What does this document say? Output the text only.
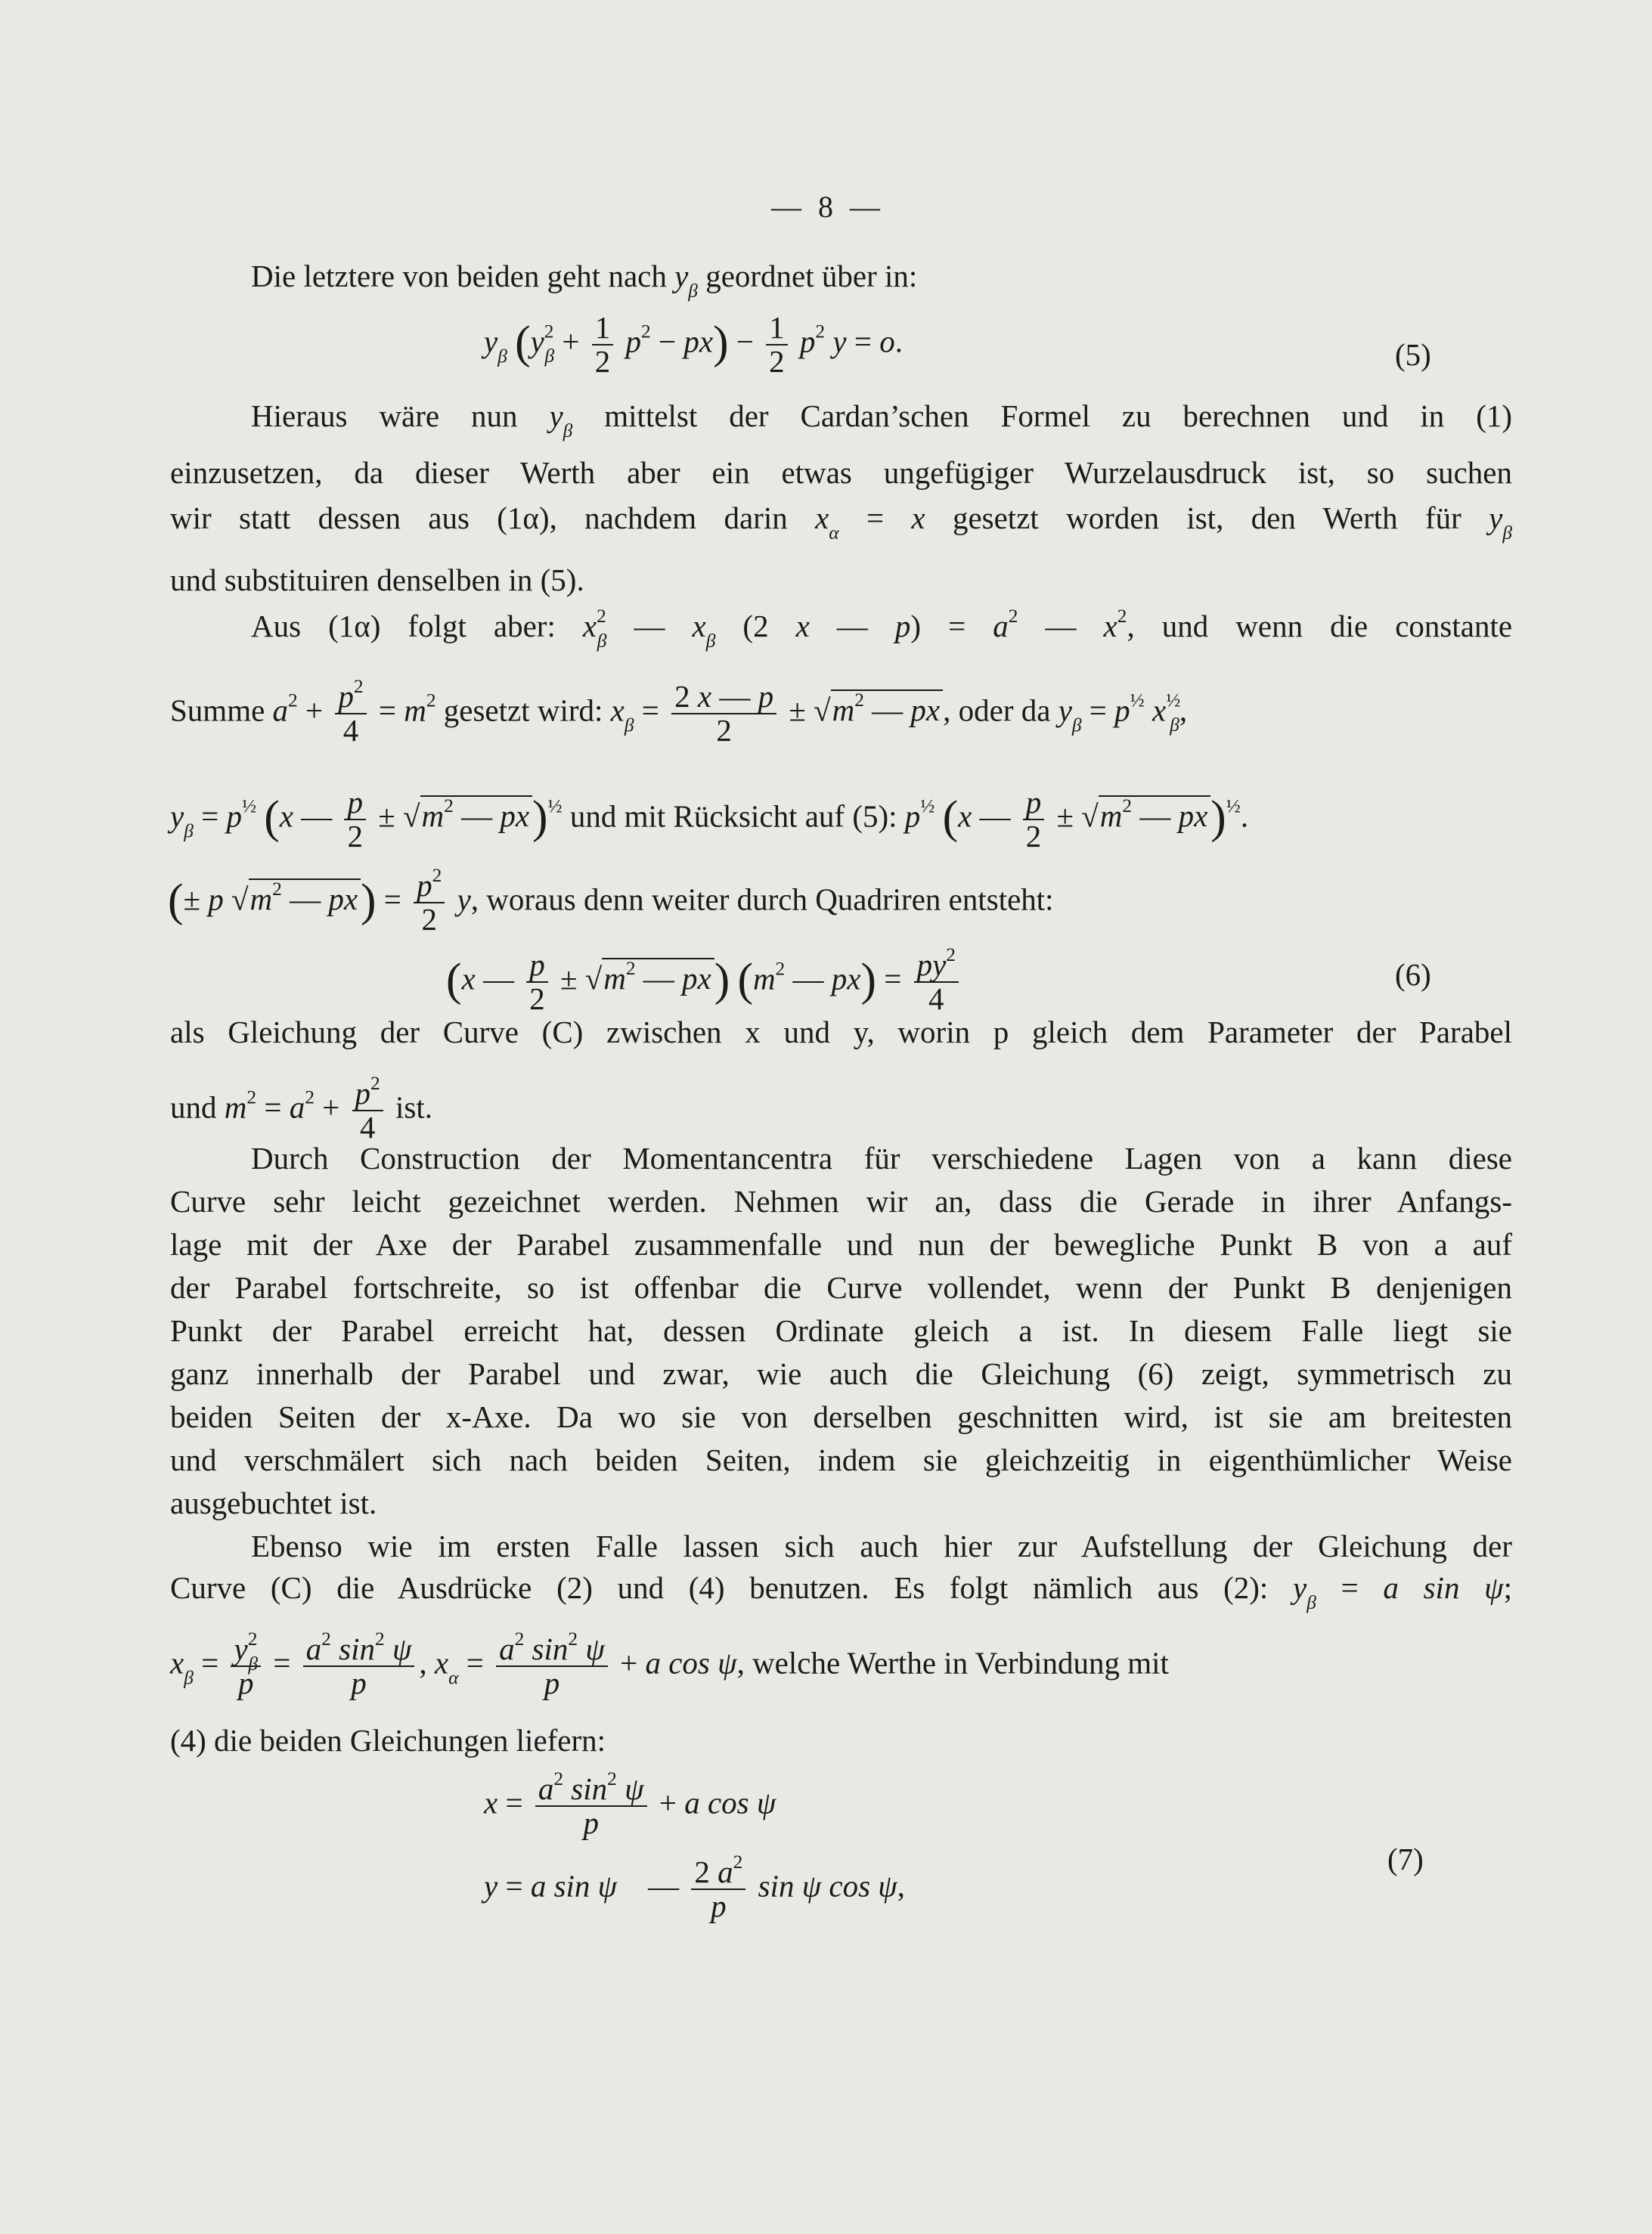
— 8 —
Die letztere von beiden geht nach $y_\beta$ geordnet über in:
$y_\beta$ $(y^2_\beta + \frac{1}{2} p^2 - px) - \frac{1}{2} p^2$ y = o.	(5)
Hieraus wäre nun $y_\beta$ mittelst der Cardan’schen Formel zu berechnen und in (1)
einzusetzen, da dieser Werth aber ein etwas ungefügiger Wurzelausdruck ist, so suchen
wir statt dessen aus (1α), nachdem darin $x_\alpha = x$ gesetzt worden ist, den Werth für $y_\beta$
und substituiren denselben in (5).
Aus (1α) folgt aber: $x^2_\beta$ — $x_\beta$ (2 x — $p) = a^2$ — $x^2$, und wenn die constante
Summe $a^2 + \frac{p^2}{4} = m^2$ gesetzt wird: $x_\beta = \frac{2 x — p}{2} \pm √m^2$ — px, oder da $y_\beta = p^{\frac{1}{2}}$ $x^{\frac{1}{2}}_\beta$,
$y_\beta = p^{\frac{1}{2}}$ (x — $\frac{p}{2} \pm √m^2$ — px)$^{\frac{1}{2}}$ und mit Rücksicht auf (5): $p^{\frac{1}{2}}$ (x — $\frac{p}{2} \pm √m^2$ — px)$^{\frac{1}{2}}$.
(± p $√m^2$ — $px) = \frac{p^2}{2} y$, woraus denn weiter durch Quadriren entsteht:
(x — $\frac{p}{2} \pm √m^2$ — px) ($m^2$ — $px) = \frac{py^2}{4}$	(6)
als Gleichung der Curve (C) zwischen x und y, worin p gleich dem Parameter der Parabel
und $m^2 = a^2 + \frac{p^2}{4}$ ist.
Durch Construction der Momentancentra für verschiedene Lagen von a kann diese
Curve sehr leicht gezeichnet werden. Nehmen wir an, dass die Gerade in ihrer Anfangs-
lage mit der Axe der Parabel zusammenfalle und nun der bewegliche Punkt B von a auf
der Parabel fortschreite, so ist offenbar die Curve vollendet, wenn der Punkt B denjenigen
Punkt der Parabel erreicht hat, dessen Ordinate gleich a ist. In diesem Falle liegt sie
ganz innerhalb der Parabel und zwar, wie auch die Gleichung (6) zeigt, symmetrisch zu
beiden Seiten der x-Axe. Da wo sie von derselben geschnitten wird, ist sie am breitesten
und verschmälert sich nach beiden Seiten, indem sie gleichzeitig in eigenthümlicher Weise
ausgebuchtet ist.
Ebenso wie im ersten Falle lassen sich auch hier zur Aufstellung der Gleichung der
Curve (C) die Ausdrücke (2) und (4) benutzen. Es folgt nämlich aus (2): $y_\beta = a$ sin ψ;
$x_\beta = \frac{y^2_\beta}{p} = \frac{a^2 \sin^2 \psi}{p}$ , $x_\alpha = \frac{a^2 \sin^2 \psi}{p} + a$ cos ψ, welche Werthe in Verbindung mit
(4) die beiden Gleichungen liefern:
$x = \frac{a^2 \sin^2 \psi}{p} + a$ cos ψ
y = a sin ψ    — $\frac{2 a^2}{p}$ sin ψ cos ψ,
(7)
